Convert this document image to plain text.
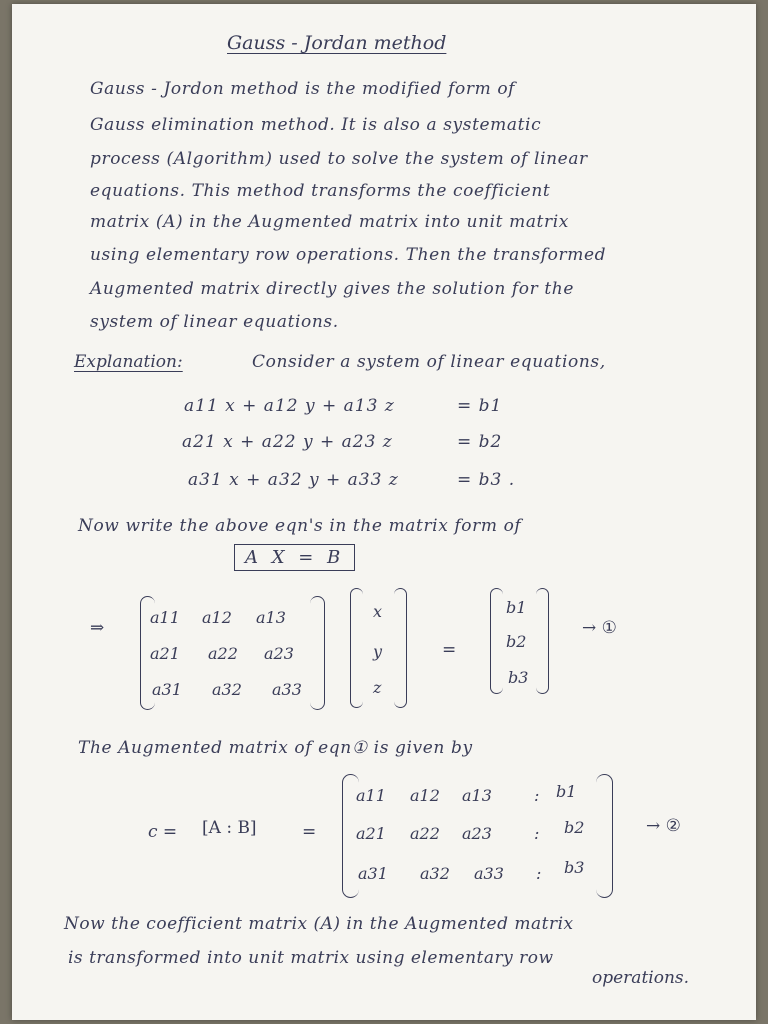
Gauss - Jordan method
Gauss - Jordon method is the modified form of
Gauss elimination method. It is also a systematic
process (Algorithm) used to solve the system of linear
equations. This method transforms the coefficient
matrix (A) in the Augmented matrix into unit matrix
using elementary row operations. Then the transformed
Augmented matrix directly gives the solution for the
system of linear equations.
Explanation:	Consider a system of linear equations,
a11 x + a12 y + a13 z	= b1
a21 x + a22 y + a23 z	= b2
a31 x + a32 y + a33 z	= b3 .
Now write the above eqn's in the matrix form of
A X = B
⇒
a11 a12 a13
a21 a22 a23
a31 a32 a33
x
y
z
=
b1
b2
b3
→ ①
The Augmented matrix of eqn① is given by
c = [A : B]	=
a11 a12 a13	: b1
a21 a22 a23	: b2
a31 a32 a33 : b3
→ ②
Now the coefficient matrix (A) in the Augmented matrix
is transformed into unit matrix using elementary row
operations.
